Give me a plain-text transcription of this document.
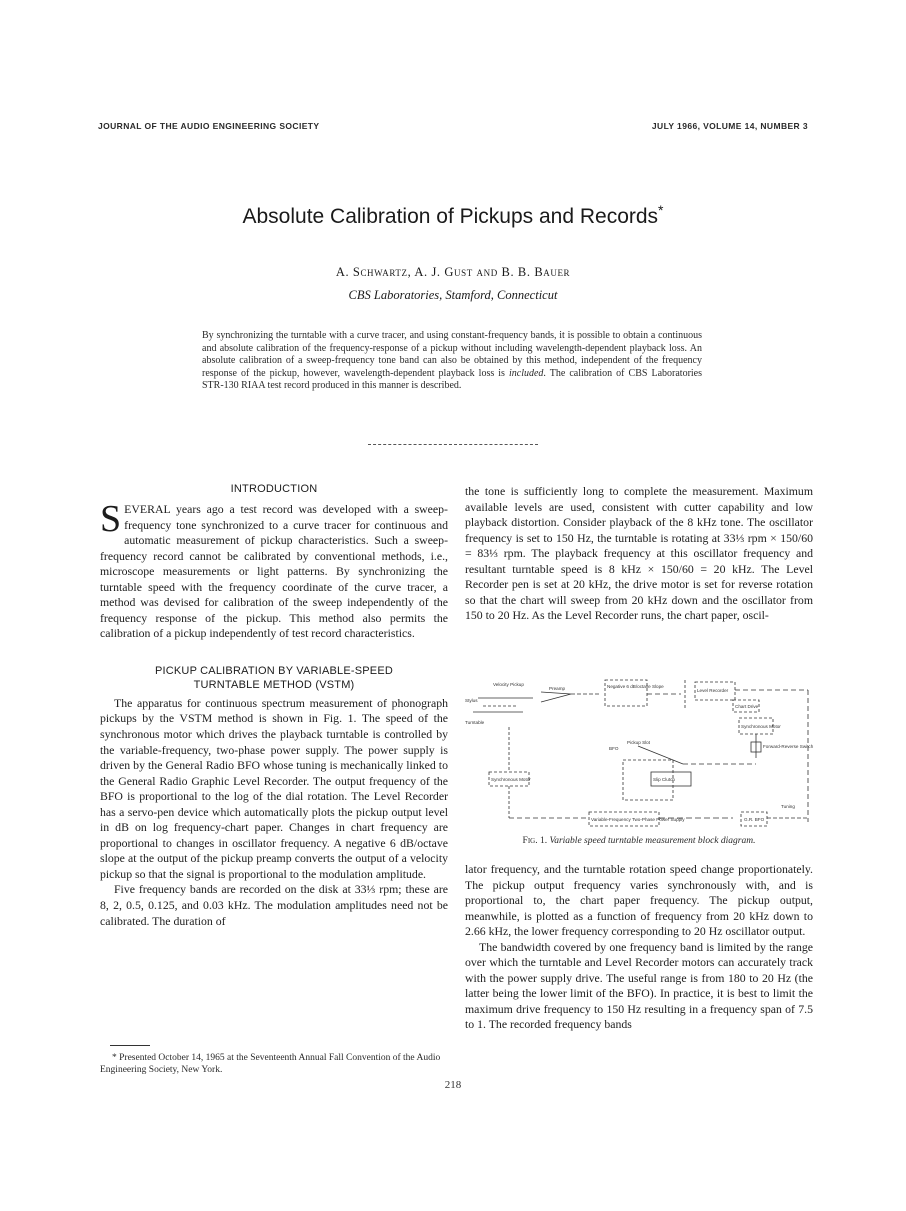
JOURNAL OF THE AUDIO ENGINEERING SOCIETY	JULY 1966, VOLUME 14, NUMBER 3
Absolute Calibration of Pickups and Records*
A. Schwartz, A. J. Gust and B. B. Bauer
CBS Laboratories, Stamford, Connecticut
By synchronizing the turntable with a curve tracer, and using constant-frequency bands, it is possible to obtain a continuous and absolute calibration of the frequency-response of a pickup without including wavelength-dependent playback loss. An absolute calibration of a sweep-frequency tone band can also be obtained by this method, independent of the frequency response of the pickup, however, wavelength-dependent playback loss is included. The calibration of CBS Laboratories STR-130 RIAA test record produced in this manner is described.
INTRODUCTION

SEVERAL years ago a test record was developed with a sweep-frequency tone synchronized to a curve tracer for continuous and automatic measurement of pickup characteristics. Such a sweep-frequency record cannot be calibrated by conventional methods, i.e., microscope measurements or light patterns. By synchronizing the turntable speed with the frequency coordinate of the curve tracer, a method was devised for calibration of the sweep independently of the frequency response of the pickup. This method also permits the calibration of a pickup independently of test record characteristics.

PICKUP CALIBRATION BY VARIABLE-SPEED
TURNTABLE METHOD (VSTM)

The apparatus for continuous spectrum measurement of phonograph pickups by the VSTM method is shown in Fig. 1. The speed of the synchronous motor which drives the playback turntable is controlled by the variable-frequency, two-phase power supply. The power supply is driven by the General Radio BFO whose tuning is mechanically linked to the General Radio Graphic Level Recorder. The output frequency of the BFO is proportional to the log of the dial rotation. The Level Recorder has a servo-pen device which automatically plots the pickup output level in dB on log frequency-chart paper. Changes in chart frequency are proportional to changes in oscillator frequency. A negative 6 dB/octave slope at the output of the pickup preamp converts the output of a velocity pickup so that the signal is proportional to the modulation amplitude.

Five frequency bands are recorded on the disk at 33⅓ rpm; these are 8, 2, 0.5, 0.125, and 0.03 kHz. The modulation amplitudes need not be calibrated. The duration of

the tone is sufficiently long to complete the measurement. Maximum available levels are used, consistent with cutter capability and low playback distortion. Consider playback of the 8 kHz tone. The oscillator frequency is set to 150 Hz, the turntable is rotating at 33⅓ rpm × 150/60 = 83⅓ rpm. The playback frequency at this oscillator frequency and resultant turntable speed is 8 kHz × 150/60 = 20 kHz. The Level Recorder pen is set at 20 kHz, the drive motor is set for reverse rotation so that the chart will sweep from 20 kHz down and the oscillator from 150 to 20 Hz. As the Level Recorder runs, the chart paper, oscil-

Velocity Pickup
Preamp
Stylus
Turntable
Negative 6 dB/octave Slope
Level Recorder
Chart Drive
Synchronous Motor
Forward-Reverse Switch
BFO
Pickup Slot
Synchronous Motor	Slip Clutch
Tuning
Variable-Frequency Two-Phase Power Supply	G.R. BFO
Fig. 1. Variable speed turntable measurement block diagram.

lator frequency, and the turntable rotation speed change proportionately. The pickup output frequency varies synchronously with, and is proportional to, the chart paper frequency. The pickup output, meanwhile, is plotted as a function of frequency from 20 kHz down to 2.66 kHz, the lower frequency corresponding to 20 Hz oscillator output.

The bandwidth covered by one frequency band is limited by the range over which the turntable and Level Recorder motors can accurately track with the power supply drive. The useful range is from 180 to 20 Hz (the latter being the lower limit of the BFO). In practice, it is best to limit the maximum drive frequency to 150 Hz resulting in a frequency span of 7.5 to 1. The recorded frequency bands

* Presented October 14, 1965 at the Seventeenth Annual Fall Convention of the Audio Engineering Society, New York.
218
